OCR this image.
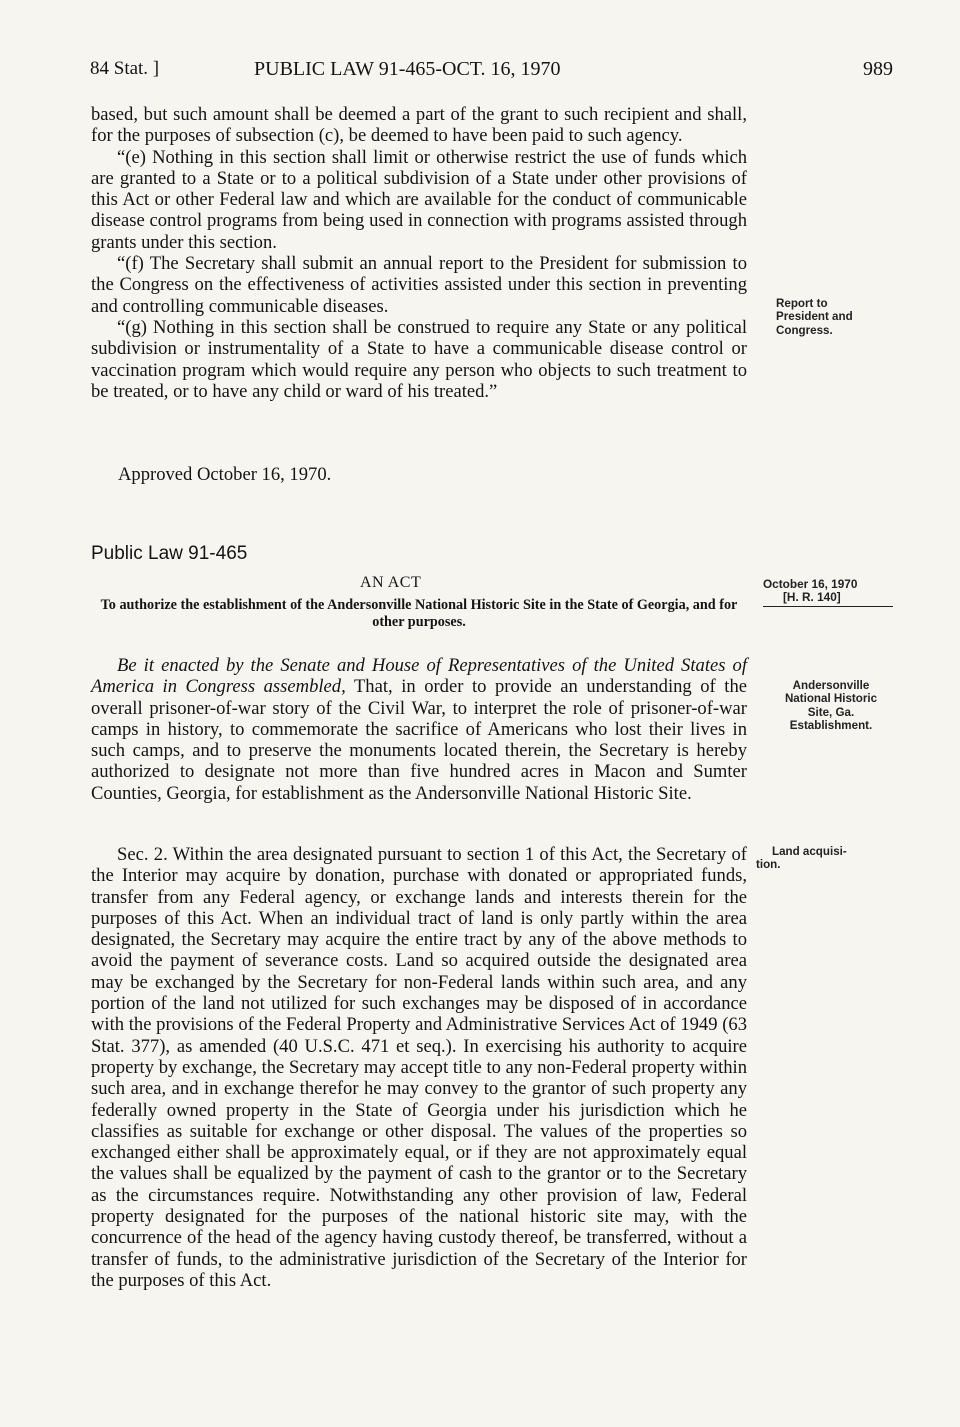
84 Stat. ]	PUBLIC LAW 91-465-OCT. 16, 1970	989

based, but such amount shall be deemed a part of the grant to such recipient and shall, for the purposes of subsection (c), be deemed to have been paid to such agency.

“(e) Nothing in this section shall limit or otherwise restrict the use of funds which are granted to a State or to a political subdivision of a State under other provisions of this Act or other Federal law and which are available for the conduct of communicable disease control programs from being used in connection with programs assisted through grants under this section.

“(f) The Secretary shall submit an annual report to the President for submission to the Congress on the effectiveness of activities assisted under this section in preventing and controlling communicable diseases.

“(g) Nothing in this section shall be construed to require any State or any political subdivision or instrumentality of a State to have a communicable disease control or vaccination program which would require any person who objects to such treatment to be treated, or to have any child or ward of his treated.”

Approved October 16, 1970.
Public Law 91-465
AN ACT
To authorize the establishment of the Andersonville National Historic Site in the State of Georgia, and for other purposes.

Be it enacted by the Senate and House of Representatives of the United States of America in Congress assembled, That, in order to provide an understanding of the overall prisoner-of-war story of the Civil War, to interpret the role of prisoner-of-war camps in history, to commemorate the sacrifice of Americans who lost their lives in such camps, and to preserve the monuments located therein, the Secretary is hereby authorized to designate not more than five hundred acres in Macon and Sumter Counties, Georgia, for establishment as the Andersonville National Historic Site.

Sec. 2. Within the area designated pursuant to section 1 of this Act, the Secretary of the Interior may acquire by donation, purchase with donated or appropriated funds, transfer from any Federal agency, or exchange lands and interests therein for the purposes of this Act. When an individual tract of land is only partly within the area designated, the Secretary may acquire the entire tract by any of the above methods to avoid the payment of severance costs. Land so acquired outside the designated area may be exchanged by the Secretary for non-Federal lands within such area, and any portion of the land not utilized for such exchanges may be disposed of in accordance with the provisions of the Federal Property and Administrative Services Act of 1949 (63 Stat. 377), as amended (40 U.S.C. 471 et seq.). In exercising his authority to acquire property by exchange, the Secretary may accept title to any non-Federal property within such area, and in exchange therefor he may convey to the grantor of such property any federally owned property in the State of Georgia under his jurisdiction which he classifies as suitable for exchange or other disposal. The values of the properties so exchanged either shall be approximately equal, or if they are not approximately equal the values shall be equalized by the payment of cash to the grantor or to the Secretary as the circumstances require. Notwithstanding any other provision of law, Federal property designated for the purposes of the national historic site may, with the concurrence of the head of the agency having custody thereof, be transferred, without a transfer of funds, to the administrative jurisdiction of the Secretary of the Interior for the purposes of this Act.

Report to President and Congress.
October 16, 1970
[H. R. 140]
Andersonville
National Historic
Site, Ga.
Establishment.
Land acquisi-
tion.
